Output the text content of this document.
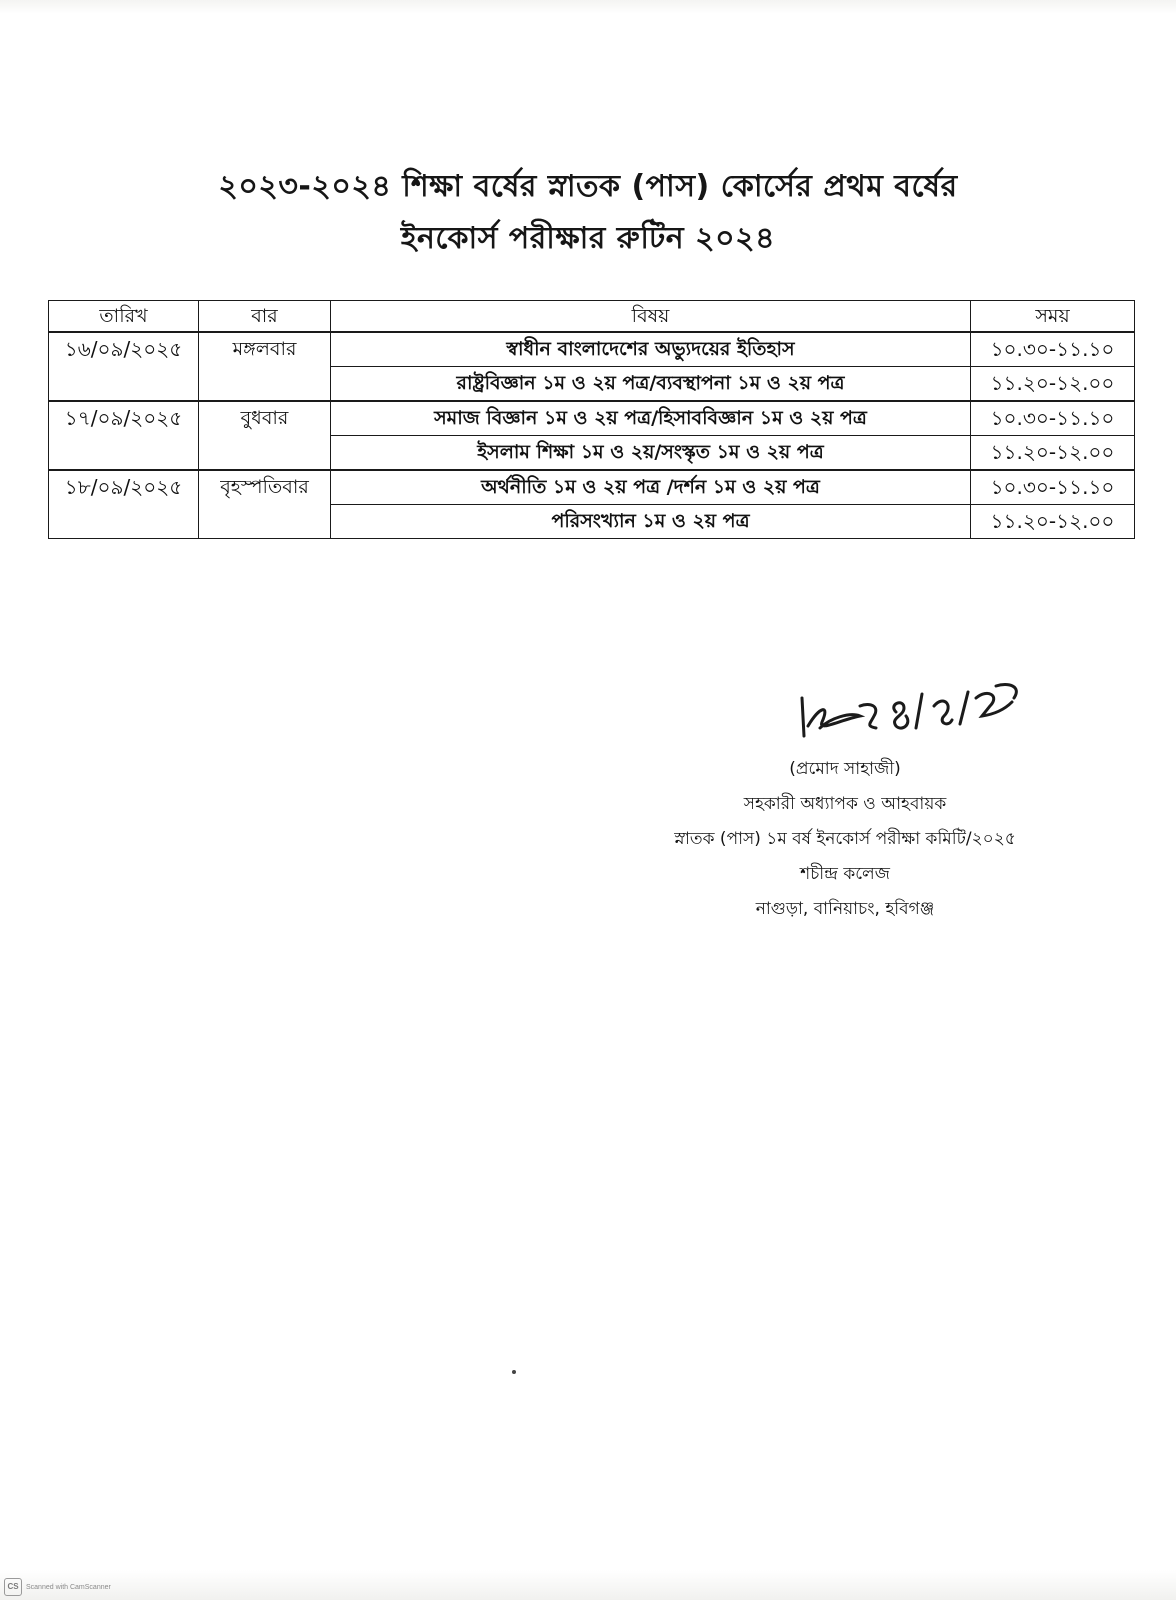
২০২৩-২০২৪ শিক্ষা বর্ষের স্নাতক (পাস) কোর্সের প্রথম বর্ষের
ইনকোর্স পরীক্ষার রুটিন ২০২৪
তারিখ	বার	বিষয়	সময়
১৬/০৯/২০২৫	মঙ্গলবার	স্বাধীন বাংলাদেশের অভ্যুদয়ের ইতিহাস	১০.৩০-১১.১০
		রাষ্ট্রবিজ্ঞান ১ম ও ২য় পত্র/ব্যবস্থাপনা ১ম ও ২য় পত্র	১১.২০-১২.০০
১৭/০৯/২০২৫	বুধবার	সমাজ বিজ্ঞান ১ম ও ২য় পত্র/হিসাববিজ্ঞান ১ম ও ২য় পত্র	১০.৩০-১১.১০
		ইসলাম শিক্ষা ১ম ও ২য়/সংস্কৃত ১ম ও ২য় পত্র	১১.২০-১২.০০
১৮/০৯/২০২৫	বৃহস্পতিবার	অর্থনীতি ১ম ও ২য় পত্র /দর্শন ১ম ও ২য় পত্র	১০.৩০-১১.১০
		পরিসংখ্যান ১ম ও ২য় পত্র	১১.২০-১২.০০
(প্রমোদ সাহাজী)
সহকারী অধ্যাপক ও আহবায়ক
স্নাতক (পাস) ১ম বর্ষ ইনকোর্স পরীক্ষা কমিটি/২০২৫
শচীন্দ্র কলেজ
নাগুড়া, বানিয়াচং, হবিগঞ্জ
CS	Scanned with CamScanner
